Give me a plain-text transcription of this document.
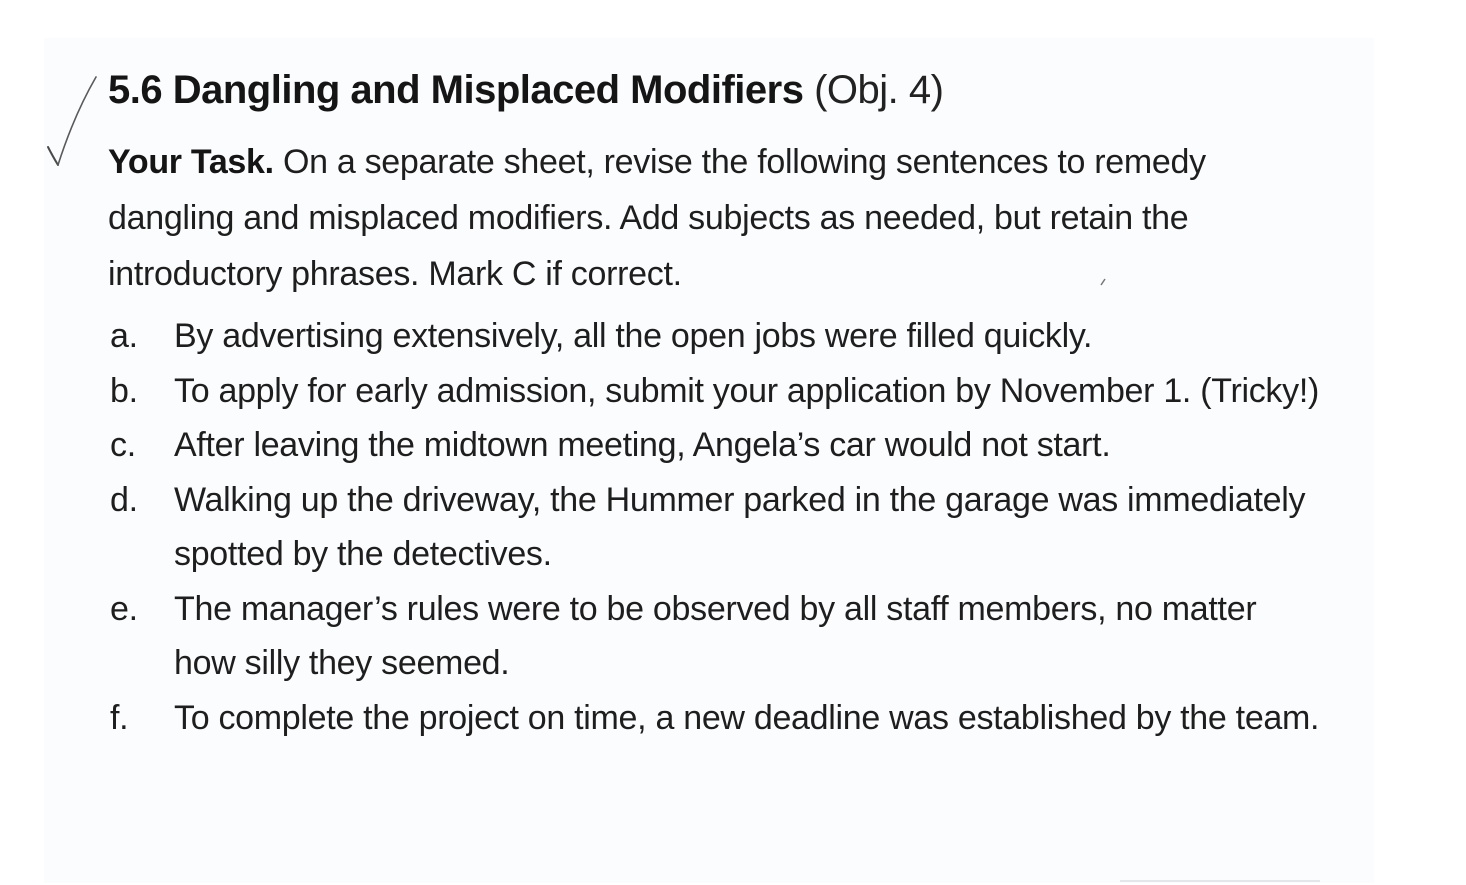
5.6 Dangling and Misplaced Modifiers (Obj. 4)
Your Task. On a separate sheet, revise the following sentences to remedy dangling and misplaced modifiers. Add subjects as needed, but retain the introductory phrases. Mark C if correct.
a.	By advertising extensively, all the open jobs were filled quickly.
b.	To apply for early admission, submit your application by November 1. (Tricky!)
c.	After leaving the midtown meeting, Angela’s car would not start.
d.	Walking up the driveway, the Hummer parked in the garage was immediately spotted by the detectives.
e.	The manager’s rules were to be observed by all staff members, no matter how silly they seemed.
f.	To complete the project on time, a new deadline was established by the team.
